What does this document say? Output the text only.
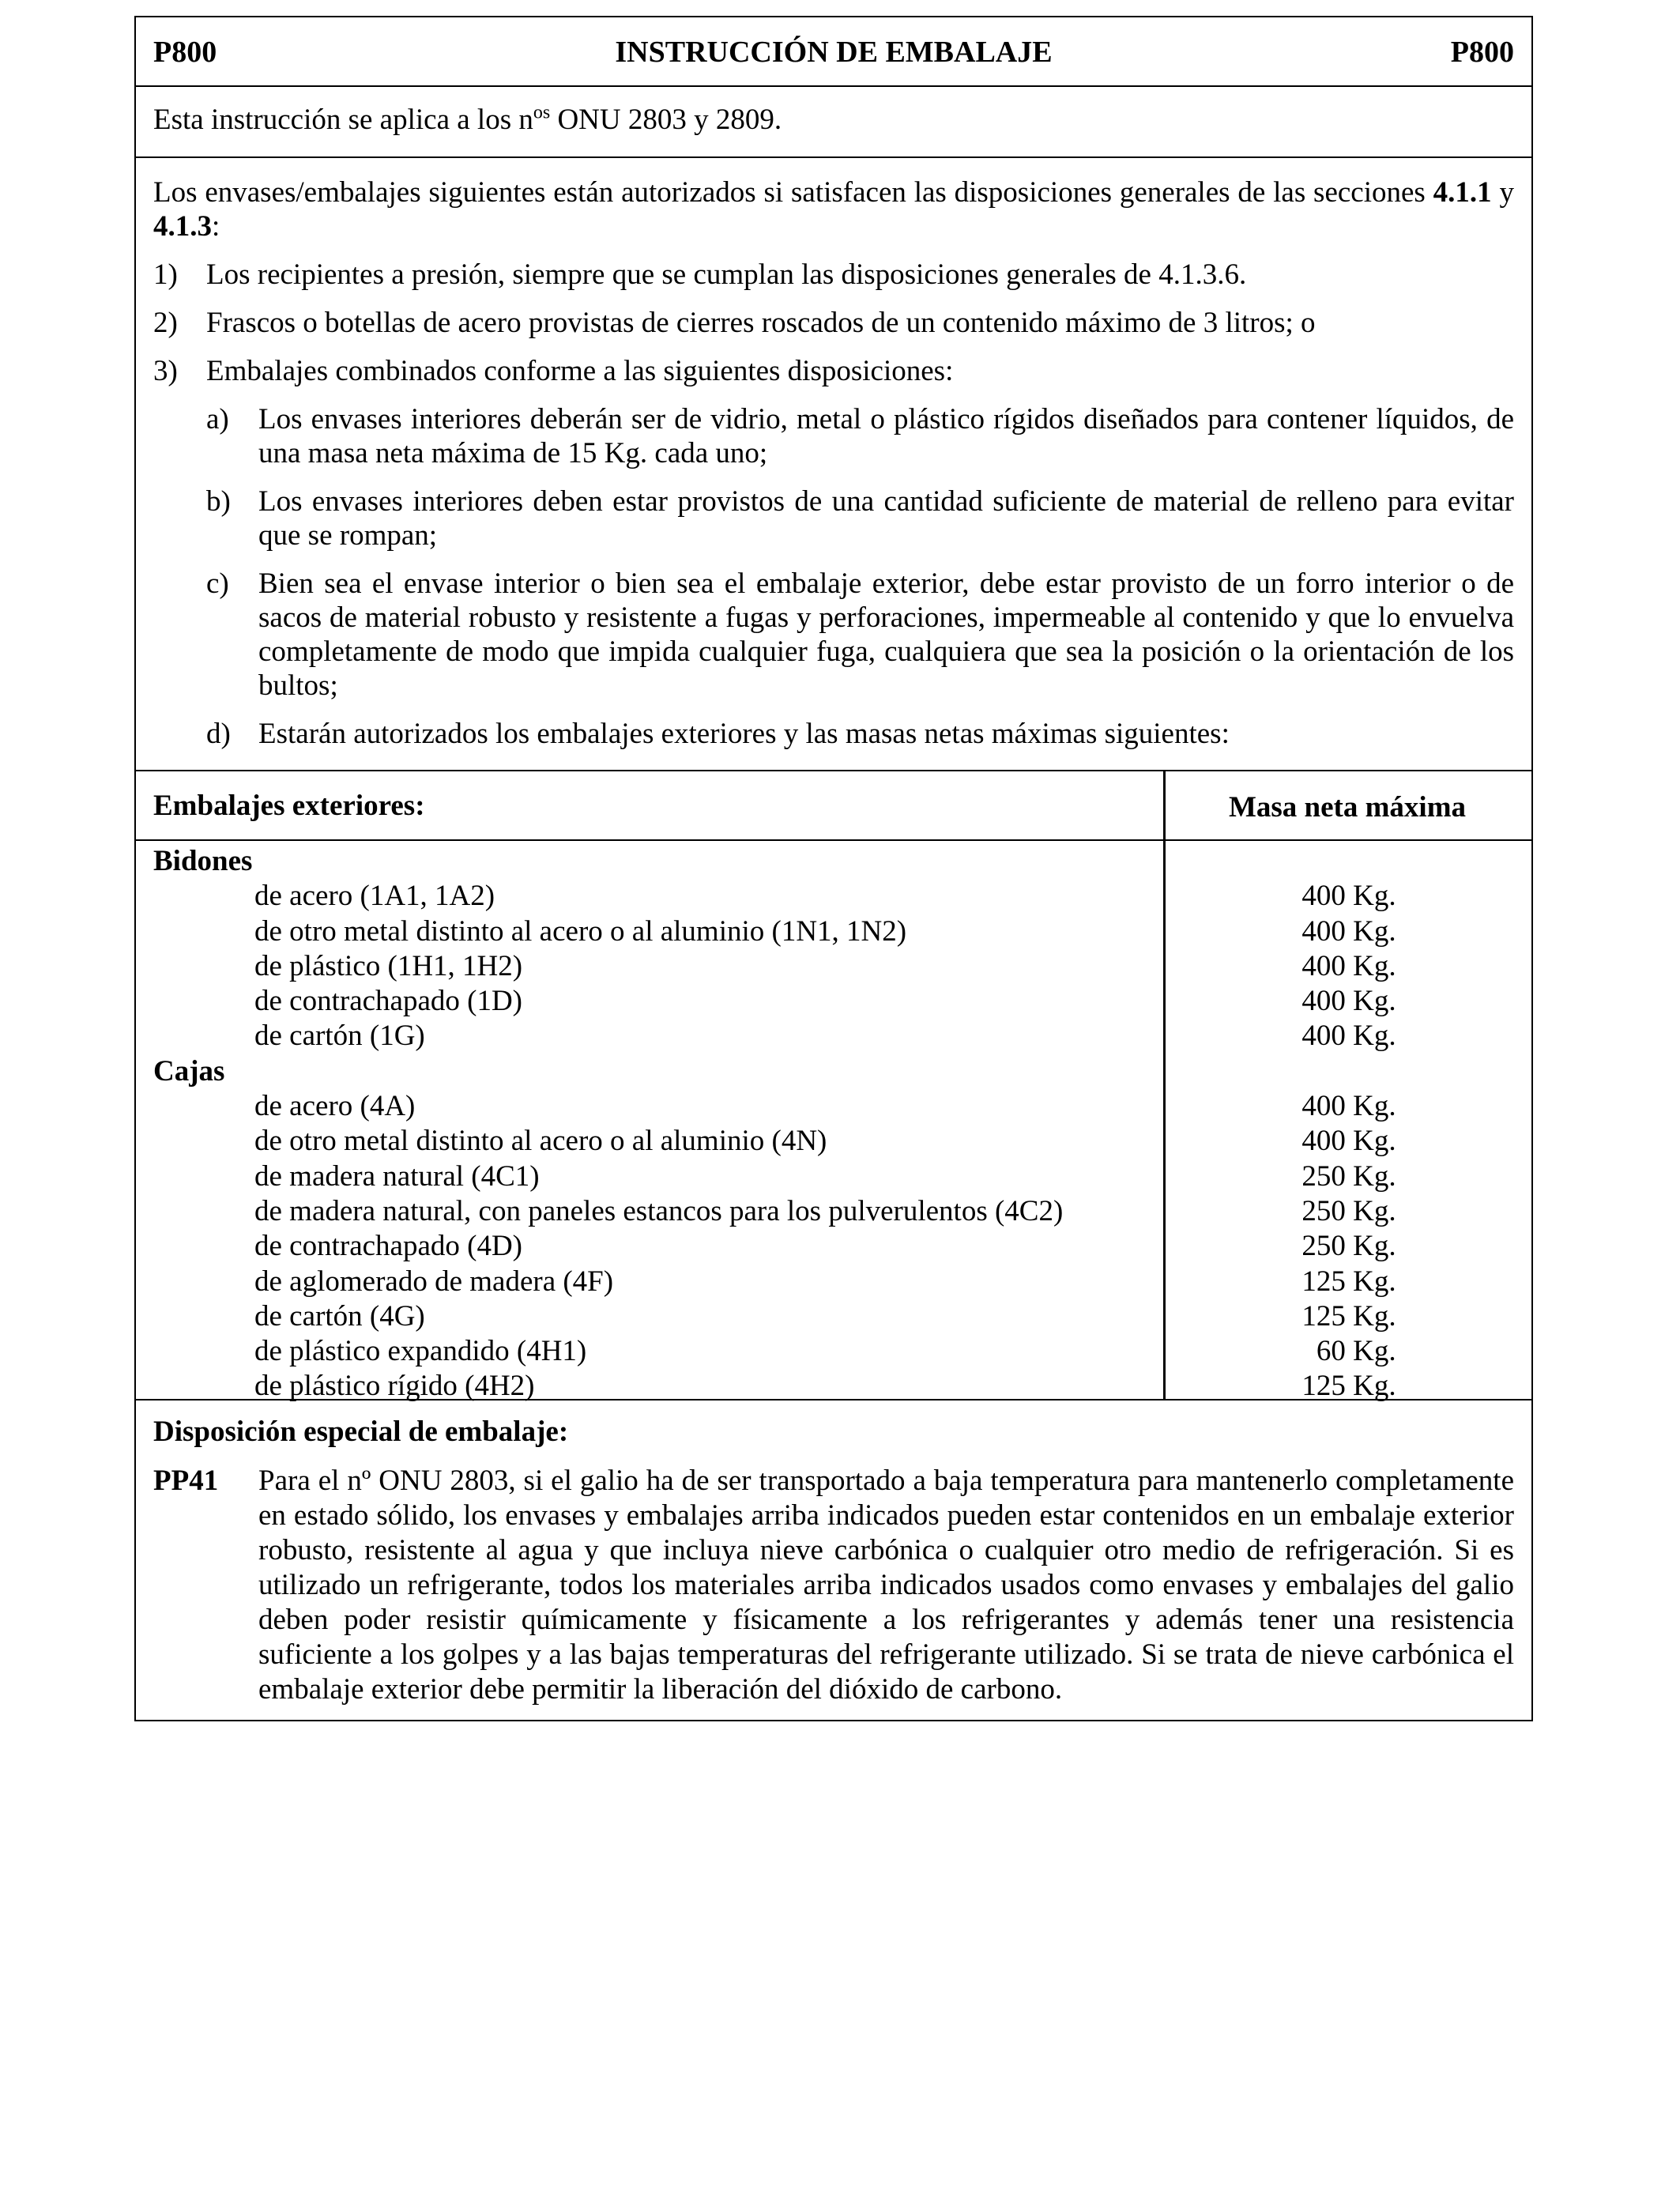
P800	INSTRUCCIÓN DE EMBALAJE	P800
Esta instrucción se aplica a los $n^{os}$ ONU 2803 y 2809.

Los envases/embalajes siguientes están autorizados si satisfacen las disposiciones generales de las secciones 4.1.1 y 4.1.3:

1) Los recipientes a presión, siempre que se cumplan las disposiciones generales de 4.1.3.6.
2) Frascos o botellas de acero provistas de cierres roscados de un contenido máximo de 3 litros; o
3) Embalajes combinados conforme a las siguientes disposiciones:
a) Los envases interiores deberán ser de vidrio, metal o plástico rígidos diseñados para contener líquidos, de una masa neta máxima de 15 Kg. cada uno;
b) Los envases interiores deben estar provistos de una cantidad suficiente de material de relleno para evitar que se rompan;
c) Bien sea el envase interior o bien sea el embalaje exterior, debe estar provisto de un forro interior o de sacos de material robusto y resistente a fugas y perforaciones, impermeable al contenido y que lo envuelva completamente de modo que impida cualquier fuga, cualquiera que sea la posición o la orientación de los bultos;
d) Estarán autorizados los embalajes exteriores y las masas netas máximas siguientes:
Embalajes exteriores:	Masa neta máxima
Bidones
de acero (1A1, 1A2)	400 Kg.
de otro metal distinto al acero o al aluminio (1N1, 1N2)	400 Kg.
de plástico (1H1, 1H2)	400 Kg.
de contrachapado (1D)	400 Kg.
de cartón (1G)	400 Kg.
Cajas
de acero (4A)	400 Kg.
de otro metal distinto al acero o al aluminio (4N)	400 Kg.
de madera natural (4C1)	250 Kg.
de madera natural, con paneles estancos para los pulverulentos (4C2)	250 Kg.
de contrachapado (4D)	250 Kg.
de aglomerado de madera (4F)	125 Kg.
de cartón (4G)	125 Kg.
de plástico expandido (4H1)	60 Kg.
de plástico rígido (4H2)	125 Kg.
Disposición especial de embalaje:
PP41 Para el nº ONU 2803, si el galio ha de ser transportado a baja temperatura para mantenerlo completamente en estado sólido, los envases y embalajes arriba indicados pueden estar contenidos en un embalaje exterior robusto, resistente al agua y que incluya nieve carbónica o cualquier otro medio de refrigeración. Si es utilizado un refrigerante, todos los materiales arriba indicados usados como envases y embalajes del galio deben poder resistir químicamente y físicamente a los refrigerantes y además tener una resistencia suficiente a los golpes y a las bajas temperaturas del refrigerante utilizado. Si se trata de nieve carbónica el embalaje exterior debe permitir la liberación del dióxido de carbono.
